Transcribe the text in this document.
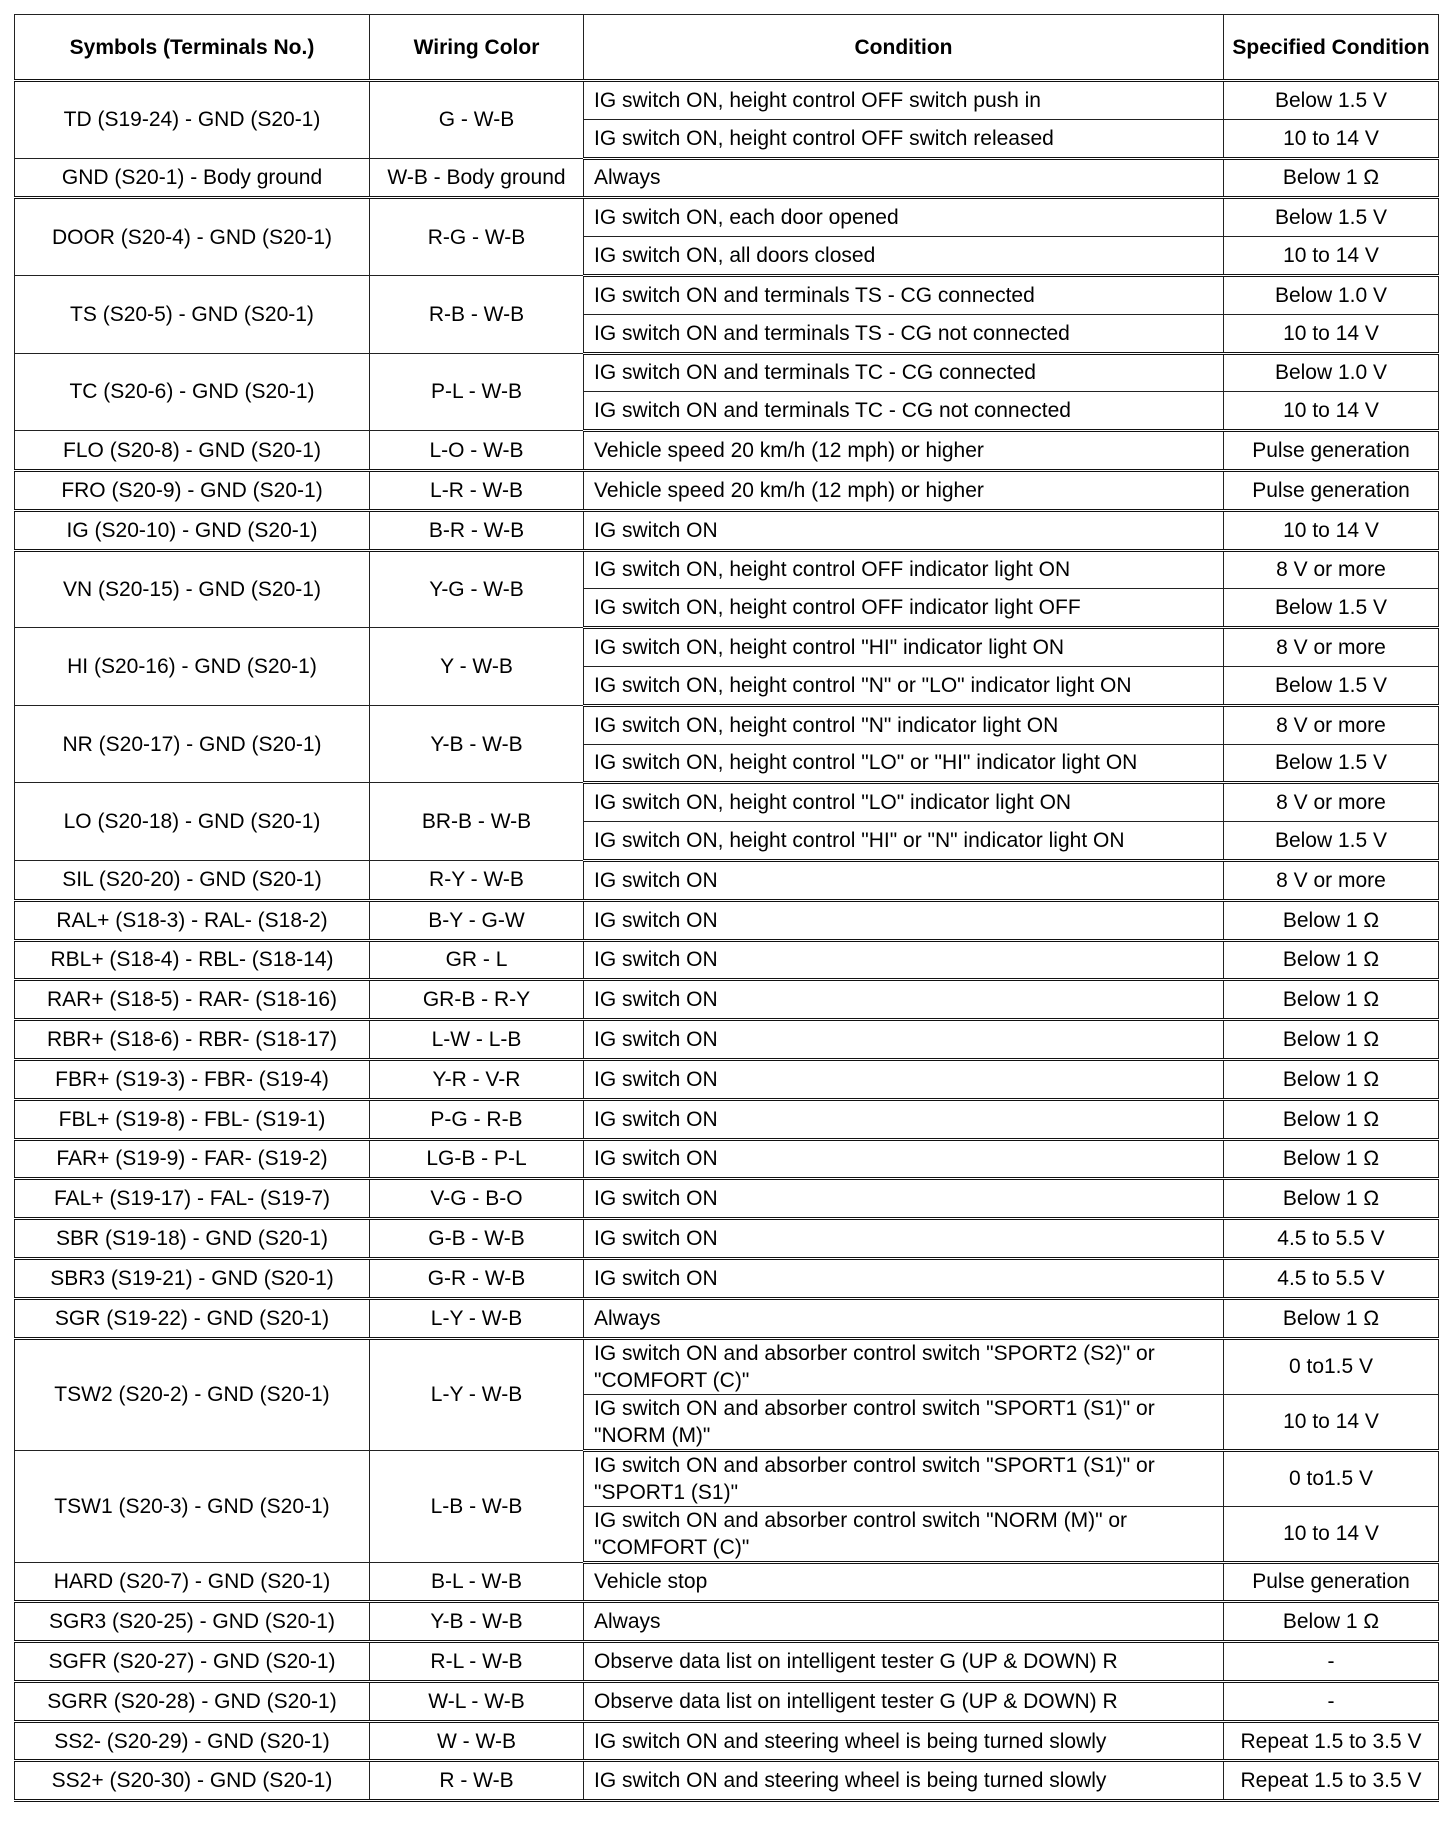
Symbols (Terminals No.)	Wiring Color	Condition	Specified Condition
TD (S19-24) - GND (S20-1)	G - W-B	IG switch ON, height control OFF switch push in	Below 1.5 V
		IG switch ON, height control OFF switch released	10 to 14 V
GND (S20-1) - Body ground	W-B - Body ground	Always	Below 1 Ω
DOOR (S20-4) - GND (S20-1)	R-G - W-B	IG switch ON, each door opened	Below 1.5 V
		IG switch ON, all doors closed	10 to 14 V
TS (S20-5) - GND (S20-1)	R-B - W-B	IG switch ON and terminals TS - CG connected	Below 1.0 V
		IG switch ON and terminals TS - CG not connected	10 to 14 V
TC (S20-6) - GND (S20-1)	P-L - W-B	IG switch ON and terminals TC - CG connected	Below 1.0 V
		IG switch ON and terminals TC - CG not connected	10 to 14 V
FLO (S20-8) - GND (S20-1)	L-O - W-B	Vehicle speed 20 km/h (12 mph) or higher	Pulse generation
FRO (S20-9) - GND (S20-1)	L-R - W-B	Vehicle speed 20 km/h (12 mph) or higher	Pulse generation
IG (S20-10) - GND (S20-1)	B-R - W-B	IG switch ON	10 to 14 V
VN (S20-15) - GND (S20-1)	Y-G - W-B	IG switch ON, height control OFF indicator light ON	8 V or more
		IG switch ON, height control OFF indicator light OFF	Below 1.5 V
HI (S20-16) - GND (S20-1)	Y - W-B	IG switch ON, height control "HI" indicator light ON	8 V or more
		IG switch ON, height control "N" or "LO" indicator light ON	Below 1.5 V
NR (S20-17) - GND (S20-1)	Y-B - W-B	IG switch ON, height control "N" indicator light ON	8 V or more
		IG switch ON, height control "LO" or "HI" indicator light ON	Below 1.5 V
LO (S20-18) - GND (S20-1)	BR-B - W-B	IG switch ON, height control "LO" indicator light ON	8 V or more
		IG switch ON, height control "HI" or "N" indicator light ON	Below 1.5 V
SIL (S20-20) - GND (S20-1)	R-Y - W-B	IG switch ON	8 V or more
RAL+ (S18-3) - RAL- (S18-2)	B-Y - G-W	IG switch ON	Below 1 Ω
RBL+ (S18-4) - RBL- (S18-14)	GR - L	IG switch ON	Below 1 Ω
RAR+ (S18-5) - RAR- (S18-16)	GR-B - R-Y	IG switch ON	Below 1 Ω
RBR+ (S18-6) - RBR- (S18-17)	L-W - L-B	IG switch ON	Below 1 Ω
FBR+ (S19-3) - FBR- (S19-4)	Y-R - V-R	IG switch ON	Below 1 Ω
FBL+ (S19-8) - FBL- (S19-1)	P-G - R-B	IG switch ON	Below 1 Ω
FAR+ (S19-9) - FAR- (S19-2)	LG-B - P-L	IG switch ON	Below 1 Ω
FAL+ (S19-17) - FAL- (S19-7)	V-G - B-O	IG switch ON	Below 1 Ω
SBR (S19-18) - GND (S20-1)	G-B - W-B	IG switch ON	4.5 to 5.5 V
SBR3 (S19-21) - GND (S20-1)	G-R - W-B	IG switch ON	4.5 to 5.5 V
SGR (S19-22) - GND (S20-1)	L-Y - W-B	Always	Below 1 Ω
TSW2 (S20-2) - GND (S20-1)	L-Y - W-B	IG switch ON and absorber control switch "SPORT2 (S2)" or "COMFORT (C)"	0 to1.5 V
		IG switch ON and absorber control switch "SPORT1 (S1)" or "NORM (M)"	10 to 14 V
TSW1 (S20-3) - GND (S20-1)	L-B - W-B	IG switch ON and absorber control switch "SPORT1 (S1)" or "SPORT1 (S1)"	0 to1.5 V
		IG switch ON and absorber control switch "NORM (M)" or "COMFORT (C)"	10 to 14 V
HARD (S20-7) - GND (S20-1)	B-L - W-B	Vehicle stop	Pulse generation
SGR3 (S20-25) - GND (S20-1)	Y-B - W-B	Always	Below 1 Ω
SGFR (S20-27) - GND (S20-1)	R-L - W-B	Observe data list on intelligent tester G (UP & DOWN) R	-
SGRR (S20-28) - GND (S20-1)	W-L - W-B	Observe data list on intelligent tester G (UP & DOWN) R	-
SS2- (S20-29) - GND (S20-1)	W - W-B	IG switch ON and steering wheel is being turned slowly	Repeat 1.5 to 3.5 V
SS2+ (S20-30) - GND (S20-1)	R - W-B	IG switch ON and steering wheel is being turned slowly	Repeat 1.5 to 3.5 V
